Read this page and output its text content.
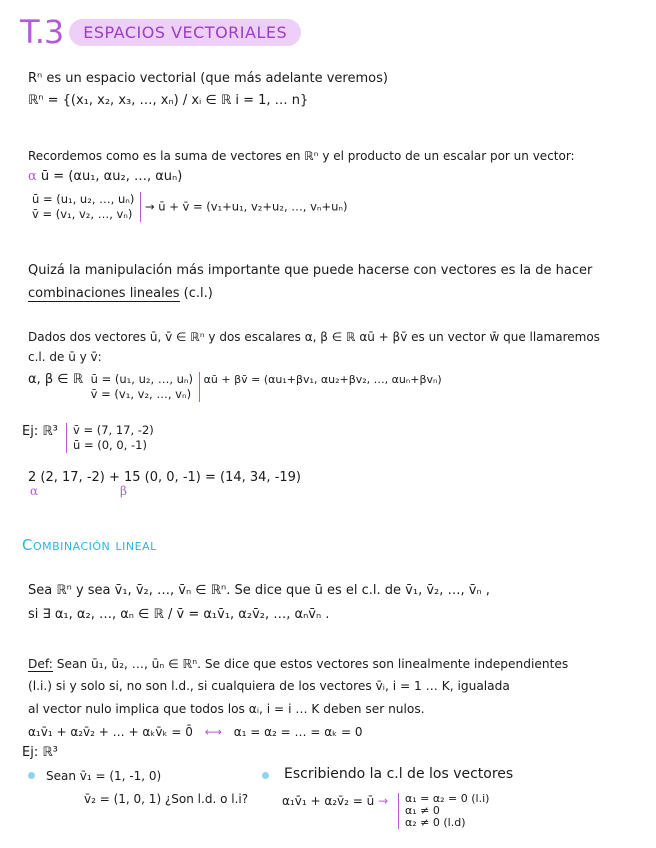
T.3	ESPACIOS VECTORIALES
Rⁿ es un espacio vectorial (que más adelante veremos)
ℝⁿ = {(x₁, x₂, x₃, …, xₙ) / xᵢ ∈ ℝ i = 1, … n}
Recordemos como es la suma de vectores en ℝⁿ y el producto de un escalar por un vector:
α ū = (αu₁, αu₂, …, αuₙ)
ū = (u₁, u₂, …, uₙ)
v̄ = (v₁, v₂, …, vₙ)
→ ū + v̄ = (v₁+u₁, v₂+u₂, …, vₙ+uₙ)
Quizá la manipulación más importante que puede hacerse con vectores es la de hacer
combinaciones lineales (c.l.)
Dados dos vectores ū, v̄ ∈ ℝⁿ y dos escalares α, β ∈ ℝ αū + βv̄ es un vector w̄ que llamaremos
c.l. de ū y v̄:
α, β ∈ ℝ ū = (u₁, u₂, …, uₙ)
v̄ = (v₁, v₂, …, vₙ)
αū + βv̄ = (αu₁+βv₁, αu₂+βv₂, …, αuₙ+βvₙ)
Ej: ℝ³ v̄ = (7, 17, -2)
ū = (0, 0, -1)
2 (2, 17, -2) + 15 (0, 0, -1) = (14, 34, -19)
α	β
Combinación lineal
Sea ℝⁿ y sea v̄₁, v̄₂, …, v̄ₙ ∈ ℝⁿ. Se dice que ū es el c.l. de v̄₁, v̄₂, …, v̄ₙ ,
si ∃ α₁, α₂, …, αₙ ∈ ℝ / v̄ = α₁v̄₁, α₂v̄₂, …, αₙv̄ₙ .
Def: Sean ū₁, ū₂, …, ūₙ ∈ ℝⁿ. Se dice que estos vectores son linealmente independientes
(l.i.) si y solo si, no son l.d., si cualquiera de los vectores v̄ᵢ, i = 1 … K, igualada
al vector nulo implica que todos los αᵢ, i = i … K deben ser nulos.
α₁v̄₁ + α₂v̄₂ + … + αₖv̄ₖ = 0̄ ⟷ α₁ = α₂ = … = αₖ = 0
Ej: ℝ³
Sean v̄₁ = (1, -1, 0)
v̄₂ = (1, 0, 1) ¿Son l.d. o l.i?
Escribiendo la c.l de los vectores
α₁v̄₁ + α₂v̄₂ = ū → α₁ = α₂ = 0 (l.i)
α₁ ≠ 0
α₂ ≠ 0 (l.d)
